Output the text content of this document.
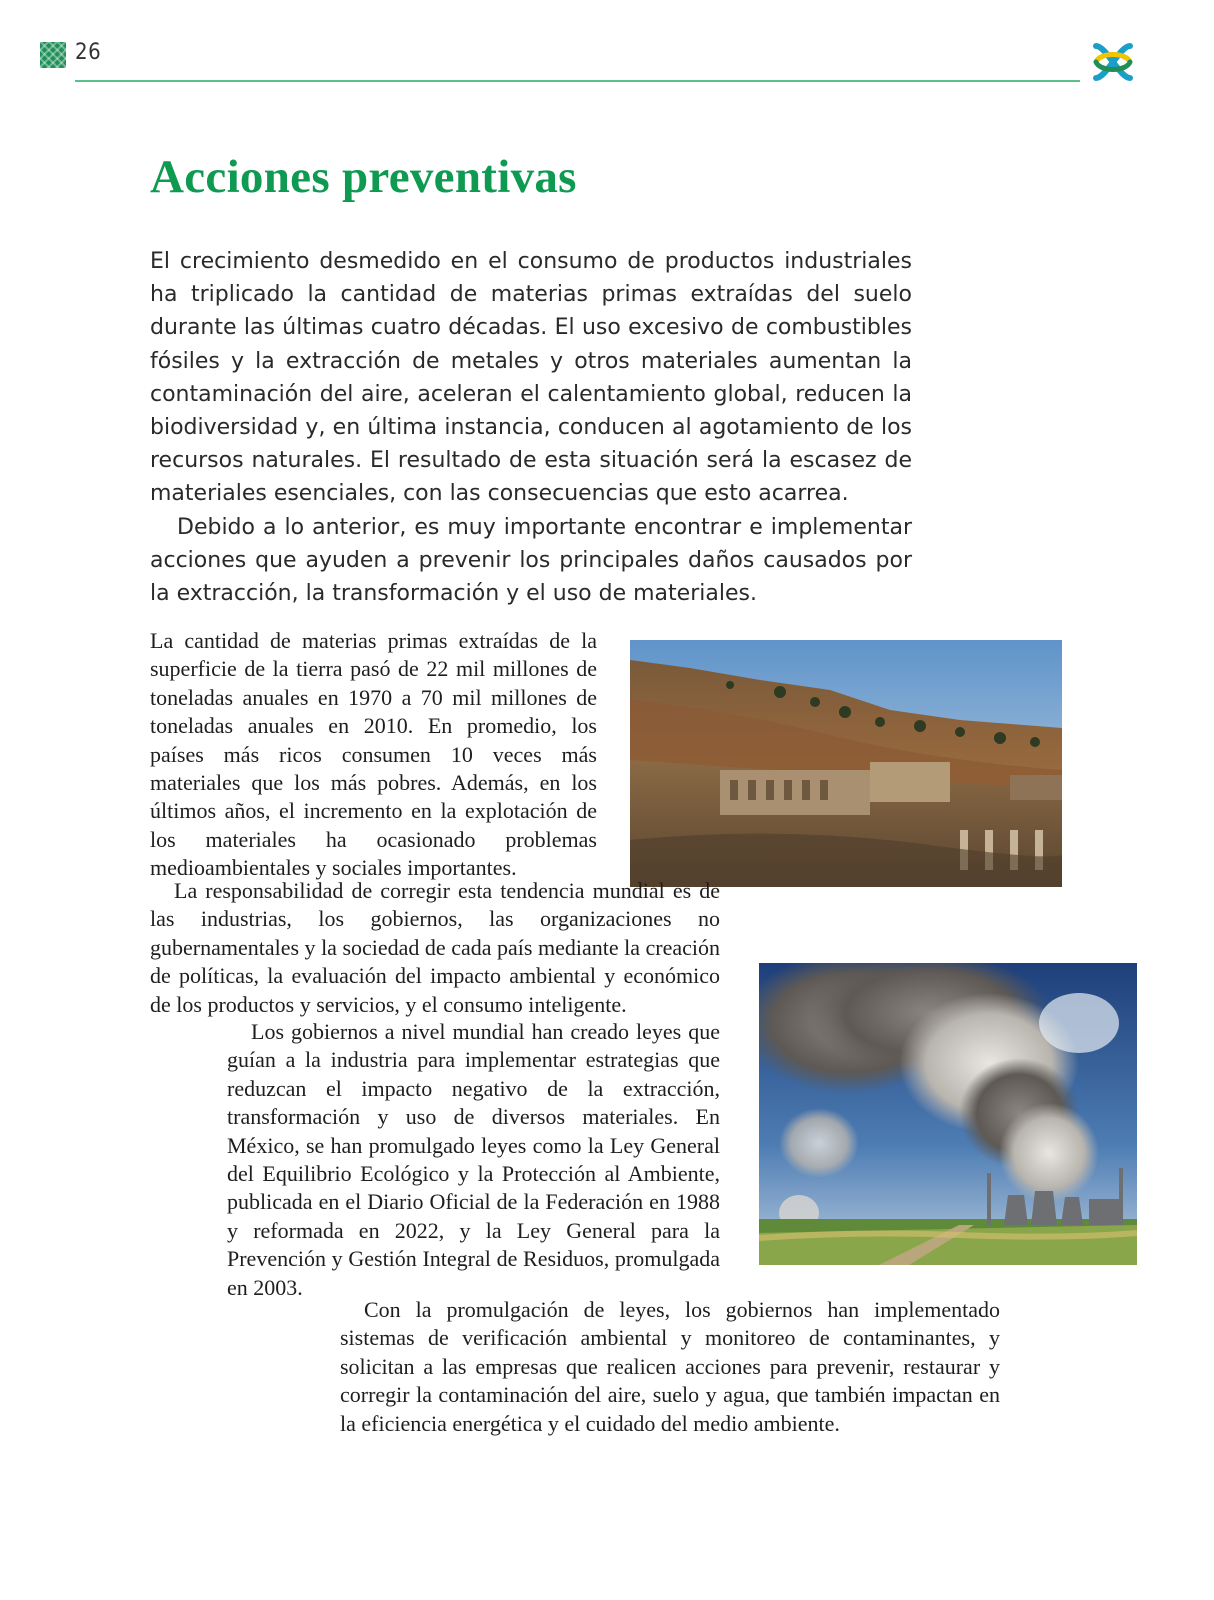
26
Acciones preventivas

El crecimiento desmedido en el consumo de productos industriales ha triplicado la cantidad de materias primas extraídas del suelo durante las últimas cuatro décadas. El uso excesivo de combustibles fósiles y la extracción de metales y otros materiales aumentan la contaminación del aire, aceleran el calentamiento global, reducen la biodiversidad y, en última instancia, conducen al agotamiento de los recursos naturales. El resultado de esta situación será la escasez de materiales esenciales, con las consecuencias que esto acarrea.

Debido a lo anterior, es muy importante encontrar e implementar acciones que ayuden a prevenir los principales daños causados por la extracción, la transformación y el uso de materiales.

La cantidad de materias primas extraídas de la superficie de la tierra pasó de 22 mil millones de toneladas anuales en 1970 a 70 mil millones de toneladas anuales en 2010. En promedio, los países más ricos consumen 10 veces más materiales que los más pobres. Además, en los últimos años, el incremento en la explotación de los materiales ha ocasionado problemas medioambientales y sociales importantes.

La responsabilidad de corregir esta tendencia mundial es de las industrias, los gobiernos, las organizaciones no gubernamentales y la sociedad de cada país mediante la creación de políticas, la evaluación del impacto ambiental y económico de los productos y servicios, y el consumo inteligente.

Los gobiernos a nivel mundial han creado leyes que guían a la industria para implementar estrategias que reduzcan el impacto negativo de la extracción, transformación y uso de diversos materiales. En México, se han promulgado leyes como la Ley General del Equilibrio Ecológico y la Protección al Ambiente, publicada en el Diario Oficial de la Federación en 1988 y reformada en 2022, y la Ley General para la Prevención y Gestión Integral de Residuos, promulgada en 2003.

Con la promulgación de leyes, los gobiernos han implementado sistemas de verificación ambiental y monitoreo de contaminantes, y solicitan a las empresas que realicen acciones para prevenir, restaurar y corregir la contaminación del aire, suelo y agua, que también impactan en la eficiencia energética y el cuidado del medio ambiente.
